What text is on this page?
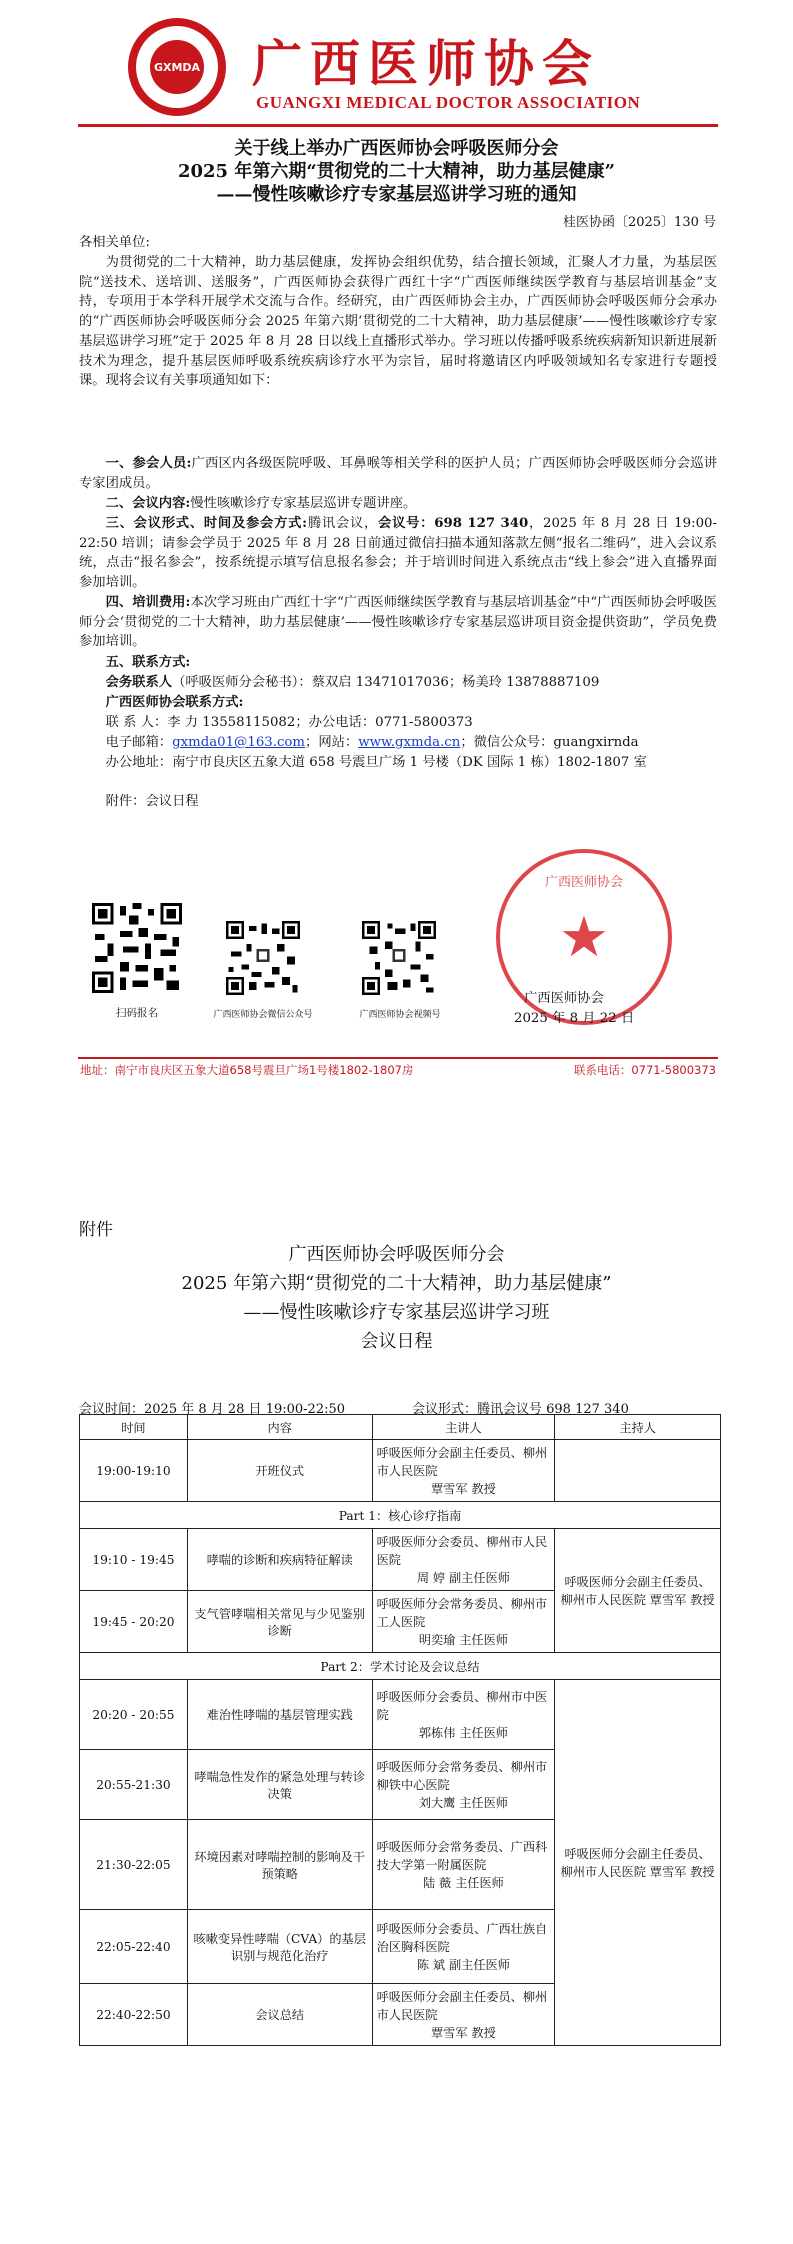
GXMDA 广西医师协会
GUANGXI MEDICAL DOCTOR ASSOCIATION
关于线上举办广西医师协会呼吸医师分会
2025 年第六期“贯彻党的二十大精神，助力基层健康”
——慢性咳嗽诊疗专家基层巡讲学习班的通知
桂医协函〔2025〕130 号
各相关单位:
为贯彻党的二十大精神，助力基层健康，发挥协会组织优势，结合擅长领域，汇聚人才力量，为基层医院“送技术、送培训、送服务”，广西医师协会获得广西红十字“广西医师继续医学教育与基层培训基金”支持，专项用于本学科开展学术交流与合作。经研究，由广西医师协会主办，广西医师协会呼吸医师分会承办的“广西医师协会呼吸医师分会 2025 年第六期‘贯彻党的二十大精神，助力基层健康’——慢性咳嗽诊疗专家基层巡讲学习班”定于 2025 年 8 月 28 日以线上直播形式举办。学习班以传播呼吸系统疾病新知识新进展新技术为理念，提升基层医师呼吸系统疾病诊疗水平为宗旨，届时将邀请区内呼吸领域知名专家进行专题授课。现将会议有关事项通知如下：
一、参会人员:广西区内各级医院呼吸、耳鼻喉等相关学科的医护人员；广西医师协会呼吸医师分会巡讲专家团成员。
二、会议内容:慢性咳嗽诊疗专家基层巡讲专题讲座。
三、会议形式、时间及参会方式:腾讯会议，会议号：698 127 340，2025 年 8 月 28 日 19:00-22:50 培训；请参会学员于 2025 年 8 月 28 日前通过微信扫描本通知落款左侧“报名二维码”，进入会议系统，点击“报名参会”，按系统提示填写信息报名参会；并于培训时间进入系统点击“线上参会”进入直播界面参加培训。
四、培训费用:本次学习班由广西红十字“广西医师继续医学教育与基层培训基金”中“广西医师协会呼吸医师分会‘贯彻党的二十大精神，助力基层健康’——慢性咳嗽诊疗专家基层巡讲项目资金提供资助”，学员免费参加培训。
五、联系方式:
会务联系人（呼吸医师分会秘书）：蔡双启 13471017036；杨美玲 13878887109
广西医师协会联系方式:
联 系 人：李 力 13558115082；办公电话：0771-5800373
电子邮箱：gxmda01@163.com；网站：www.gxmda.cn；微信公众号：guangxirnda
办公地址：南宁市良庆区五象大道 658 号震旦广场 1 号楼（DK 国际 1 栋）1802-1807 室
附件：会议日程
扫码报名	广西医师协会微信公众号	广西医师协会视频号
★
广西医师协会
广西医师协会
2025 年 8 月 22 日
地址：南宁市良庆区五象大道658号震旦广场1号楼1802-1807房	联系电话：0771-5800373
附件
广西医师协会呼吸医师分会
2025 年第六期“贯彻党的二十大精神，助力基层健康”
——慢性咳嗽诊疗专家基层巡讲学习班
会议日程
会议时间：2025 年 8 月 28 日 19:00-22:50	会议形式：腾讯会议号 698 127 340
时间	内容	主讲人	主持人
19:00-19:10	开班仪式	呼吸医师分会副主任委员、柳州市人民医院
覃雪军 教授	

Part 1：核心诊疗指南			
19:10 - 19:45	哮喘的诊断和疾病特征解读	呼吸医师分会委员、柳州市人民医院
周 婷 副主任医师	呼吸医师分会副主任委员、柳州市人民医院 覃雪军 教授
19:45 - 20:20	支气管哮喘相关常见与少见鉴别诊断	呼吸医师分会常务委员、柳州市工人医院
明奕瑜 主任医师	

Part 2：学术讨论及会议总结			
20:20 - 20:55	难治性哮喘的基层管理实践	呼吸医师分会委员、柳州市中医院
郭栋伟 主任医师	呼吸医师分会副主任委员、柳州市人民医院 覃雪军 教授
20:55-21:30	哮喘急性发作的紧急处理与转诊决策	呼吸医师分会常务委员、柳州市柳铁中心医院
刘大鹰 主任医师	

21:30-22:05	环境因素对哮喘控制的影响及干预策略	呼吸医师分会常务委员、广西科技大学第一附属医院
陆 薇 主任医师	

22:05-22:40	咳嗽变异性哮喘（CVA）的基层识别与规范化治疗	呼吸医师分会委员、广西壮族自治区胸科医院
陈 斌 副主任医师	

22:40-22:50	会议总结	呼吸医师分会副主任委员、柳州市人民医院
覃雪军 教授	
